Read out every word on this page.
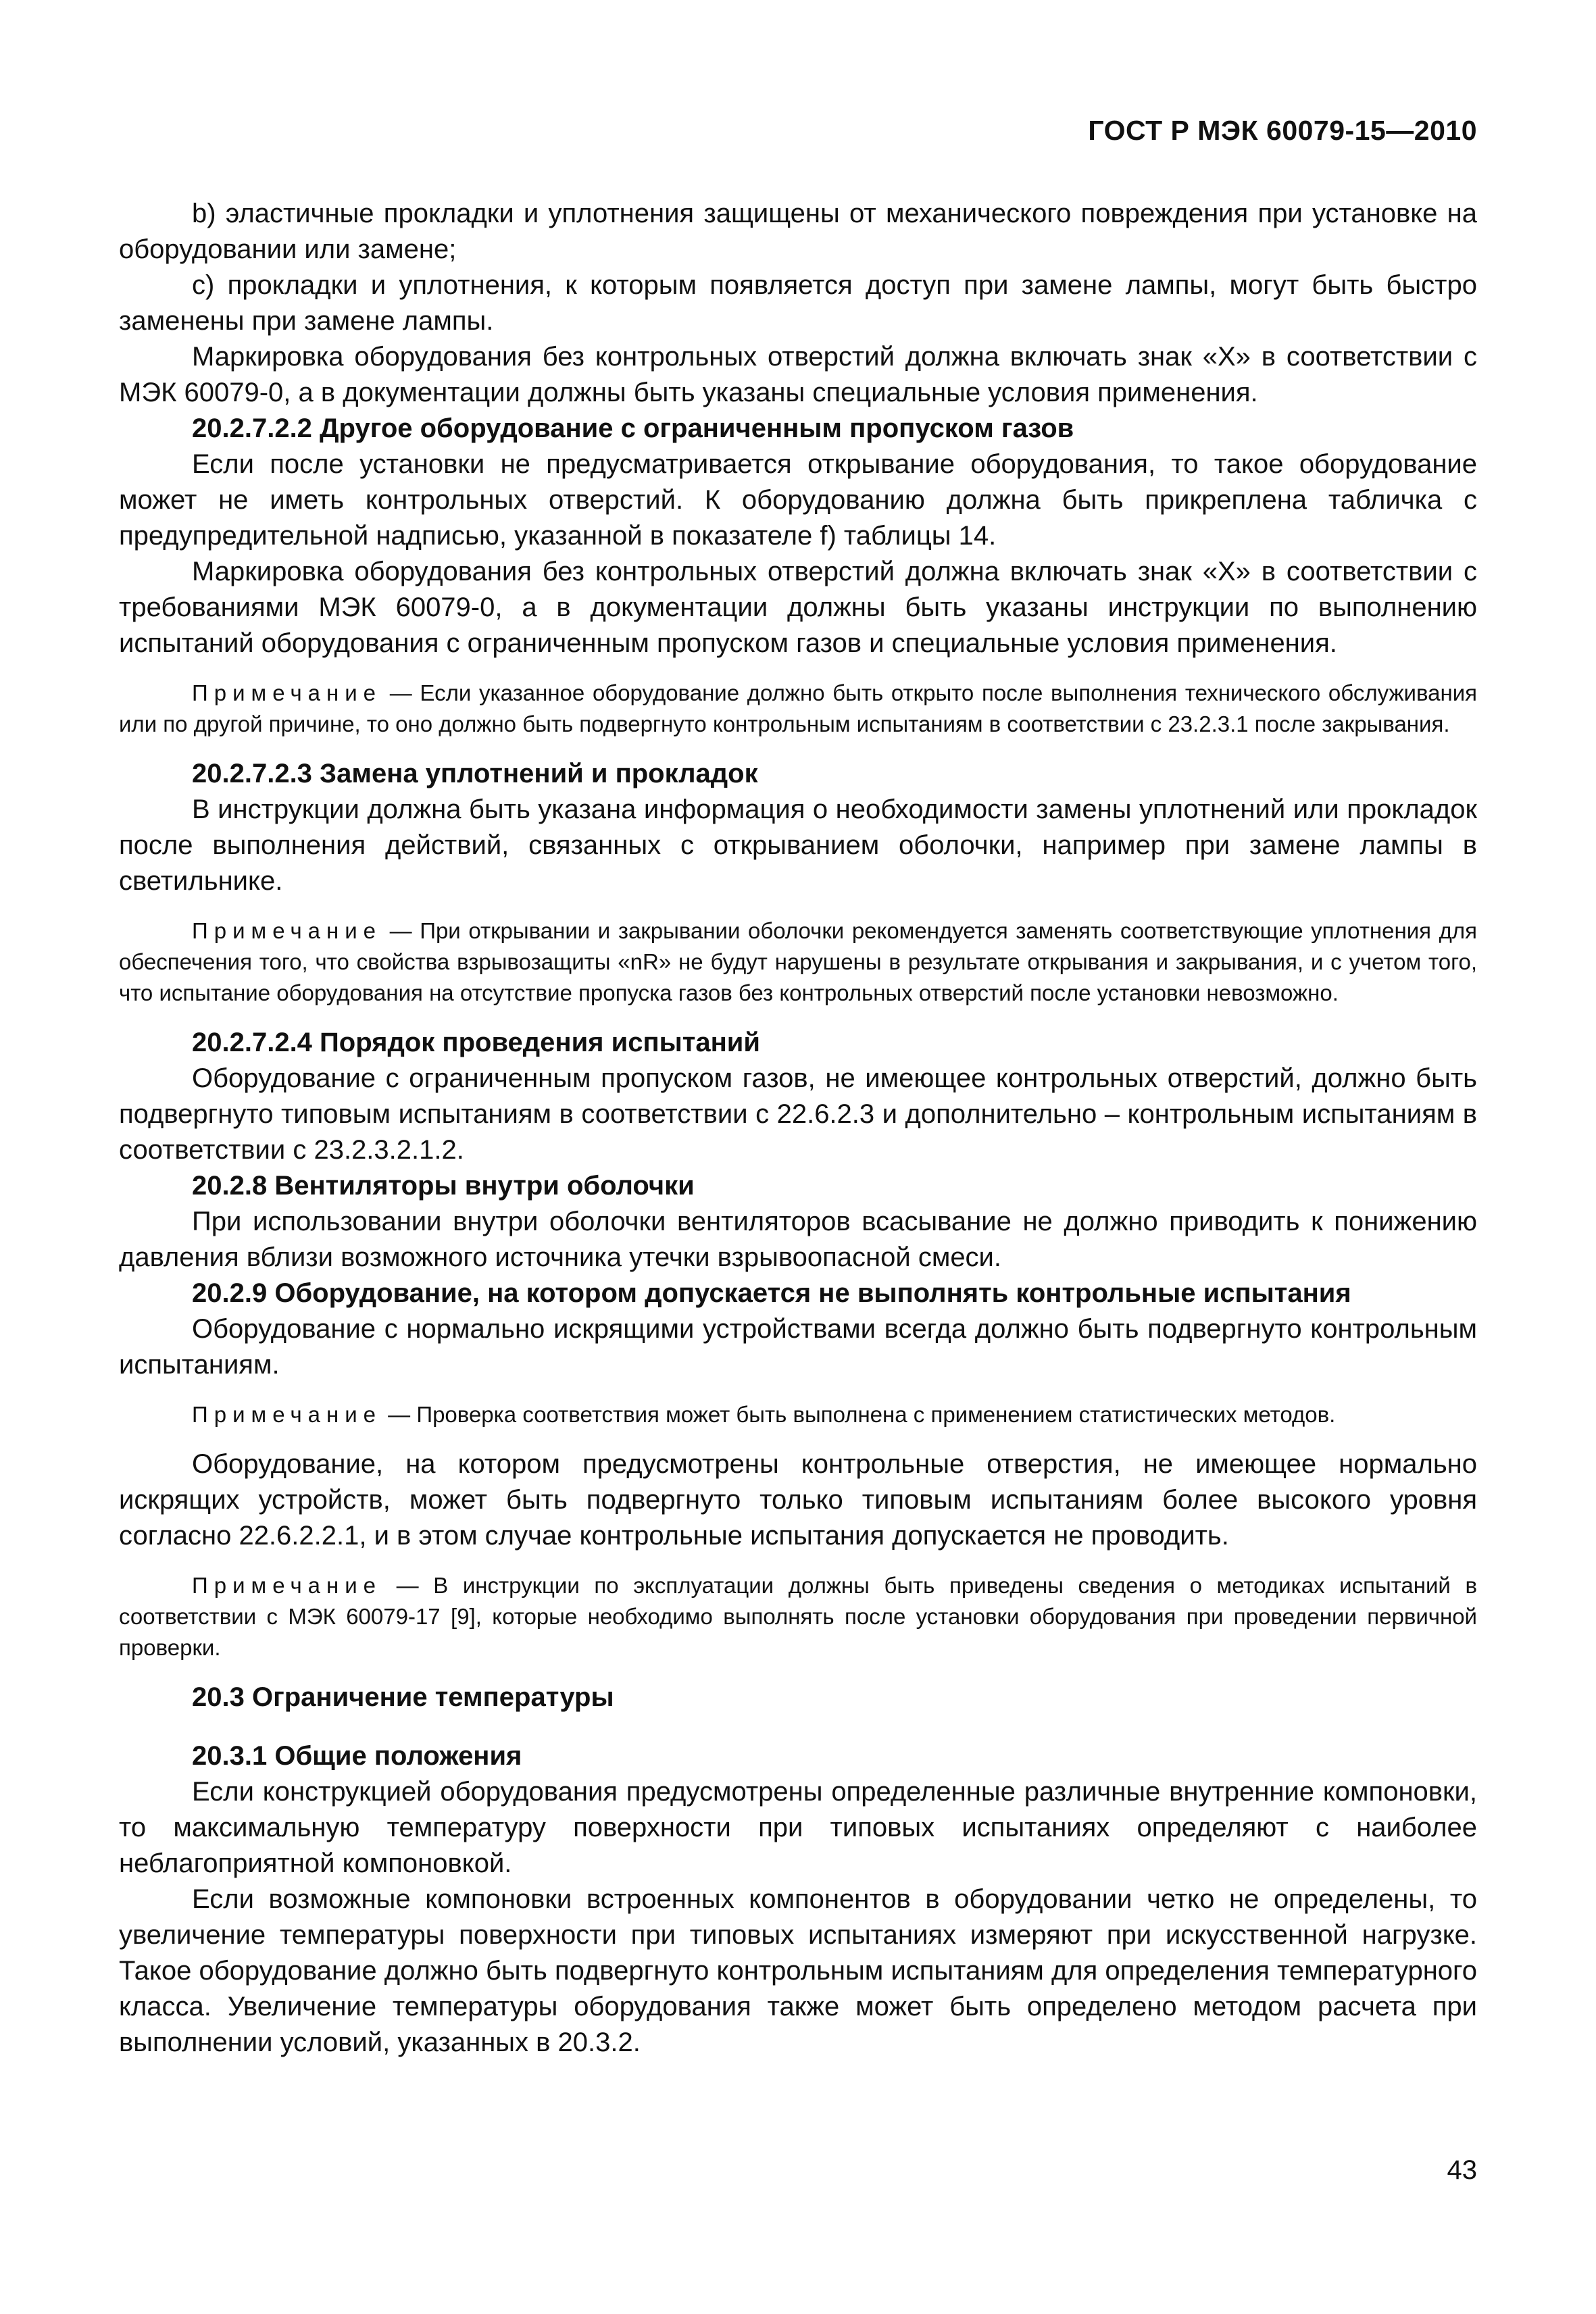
ГОСТ Р МЭК 60079-15—2010

b) эластичные прокладки и уплотнения защищены от механического повреждения при установке на оборудовании или замене;

c) прокладки и уплотнения, к которым появляется доступ при замене лампы, могут быть быстро заменены при замене лампы.

Маркировка оборудования без контрольных отверстий должна включать знак «X» в соответствии с МЭК 60079-0, а в документации должны быть указаны специальные условия применения.

20.2.7.2.2 Другое оборудование с ограниченным пропуском газов

Если после установки не предусматривается открывание оборудования, то такое оборудование может не иметь контрольных отверстий. К оборудованию должна быть прикреплена табличка с предупредительной надписью, указанной в показателе f) таблицы 14.

Маркировка оборудования без контрольных отверстий должна включать знак «X» в соответствии с требованиями МЭК 60079-0, а в документации должны быть указаны инструкции по выполнению испытаний оборудования с ограниченным пропуском газов и специальные условия применения.

Примечание — Если указанное оборудование должно быть открыто после выполнения технического обслуживания или по другой причине, то оно должно быть подвергнуто контрольным испытаниям в соответствии с 23.2.3.1 после закрывания.

20.2.7.2.3 Замена уплотнений и прокладок

В инструкции должна быть указана информация о необходимости замены уплотнений или прокладок после выполнения действий, связанных с открыванием оболочки, например при замене лампы в светильнике.

Примечание — При открывании и закрывании оболочки рекомендуется заменять соответствующие уплотнения для обеспечения того, что свойства взрывозащиты «nR» не будут нарушены в результате открывания и закрывания, и с учетом того, что испытание оборудования на отсутствие пропуска газов без контрольных отверстий после установки невозможно.

20.2.7.2.4 Порядок проведения испытаний

Оборудование с ограниченным пропуском газов, не имеющее контрольных отверстий, должно быть подвергнуто типовым испытаниям в соответствии с 22.6.2.3 и дополнительно – контрольным испытаниям в соответствии с 23.2.3.2.1.2.

20.2.8 Вентиляторы внутри оболочки

При использовании внутри оболочки вентиляторов всасывание не должно приводить к понижению давления вблизи возможного источника утечки взрывоопасной смеси.

20.2.9 Оборудование, на котором допускается не выполнять контрольные испытания

Оборудование с нормально искрящими устройствами всегда должно быть подвергнуто контрольным испытаниям.

Примечание — Проверка соответствия может быть выполнена с применением статистических методов.

Оборудование, на котором предусмотрены контрольные отверстия, не имеющее нормально искрящих устройств, может быть подвергнуто только типовым испытаниям более высокого уровня согласно 22.6.2.2.1, и в этом случае контрольные испытания допускается не проводить.

Примечание — В инструкции по эксплуатации должны быть приведены сведения о методиках испытаний в соответствии с МЭК 60079-17 [9], которые необходимо выполнять после установки оборудования при проведении первичной проверки.

20.3 Ограничение температуры

20.3.1 Общие положения

Если конструкцией оборудования предусмотрены определенные различные внутренние компоновки, то максимальную температуру поверхности при типовых испытаниях определяют с наиболее неблагоприятной компоновкой.

Если возможные компоновки встроенных компонентов в оборудовании четко не определены, то увеличение температуры поверхности при типовых испытаниях измеряют при искусственной нагрузке. Такое оборудование должно быть подвергнуто контрольным испытаниям для определения температурного класса. Увеличение температуры оборудования также может быть определено методом расчета при выполнении условий, указанных в 20.3.2.

43
